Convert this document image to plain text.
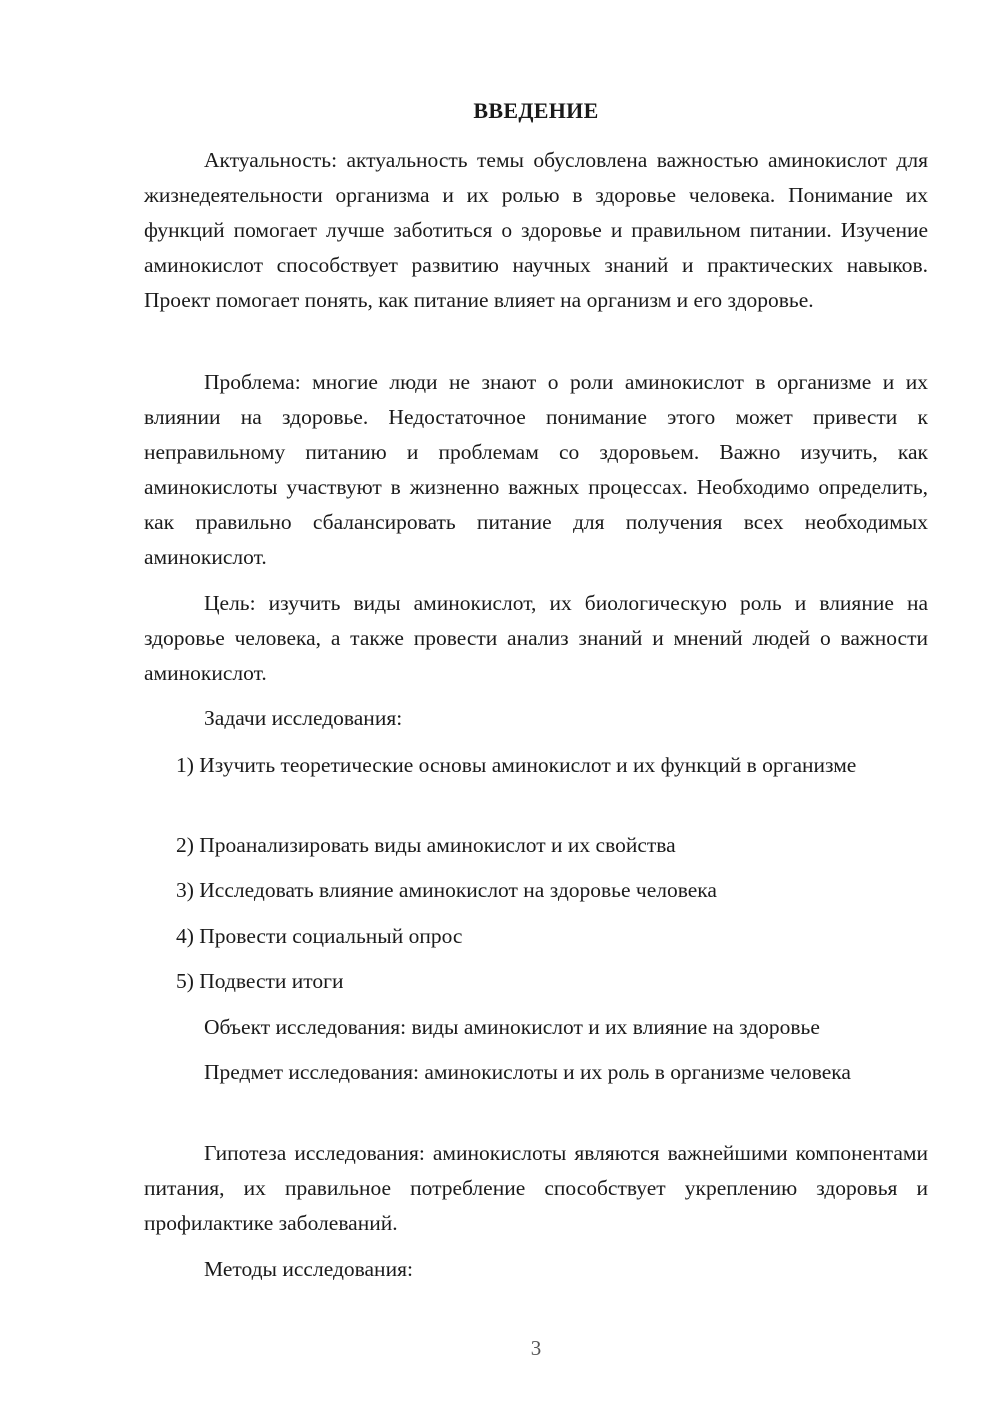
ВВЕДЕНИЕ
Актуальность: актуальность темы обусловлена важностью аминокислот для жизнедеятельности организма и их ролью в здоровье человека. Понимание их функций помогает лучше заботиться о здоровье и правильном питании. Изучение аминокислот способствует развитию научных знаний и практических навыков. Проект помогает понять, как питание влияет на организм и его здоровье.
Проблема: многие люди не знают о роли аминокислот в организме и их влиянии на здоровье. Недостаточное понимание этого может привести к неправильному питанию и проблемам со здоровьем. Важно изучить, как аминокислоты участвуют в жизненно важных процессах. Необходимо определить, как правильно сбалансировать питание для получения всех необходимых аминокислот.
Цель: изучить виды аминокислот, их биологическую роль и влияние на здоровье человека, а также провести анализ знаний и мнений людей о важности аминокислот.
Задачи исследования:
1) Изучить теоретические основы аминокислот и их функций в организме
2) Проанализировать виды аминокислот и их свойства
3) Исследовать влияние аминокислот на здоровье человека
4) Провести социальный опрос
5) Подвести итоги
Объект исследования: виды аминокислот и их влияние на здоровье
Предмет исследования: аминокислоты и их роль в организме человека
Гипотеза исследования: аминокислоты являются важнейшими компонентами питания, их правильное потребление способствует укреплению здоровья и профилактике заболеваний.
Методы исследования:
3
